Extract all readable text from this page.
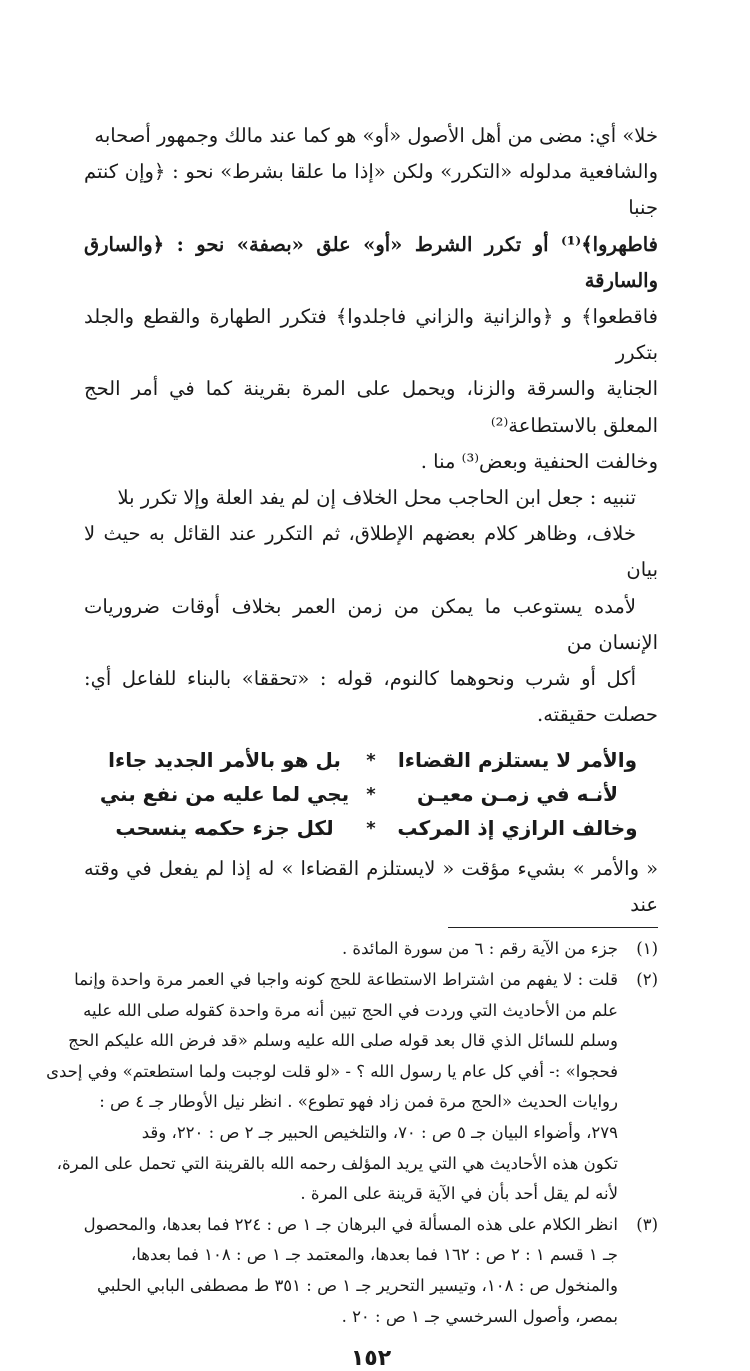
خلا» أي: مضى من أهل الأصول «أو» هو كما عند مالك وجمهور أصحابه
والشافعية مدلوله «التكرر» ولكن «إذا ما علقا بشرط» نحو : ﴿وإن كنتم جنبا
فاطهروا﴾⁽¹⁾ أو تكرر الشرط «أو» علق «بصفة» نحو : ﴿والسارق والسارقة
فاقطعوا﴾ و ﴿والزانية والزاني فاجلدوا﴾ فتكرر الطهارة والقطع والجلد بتكرر
الجناية والسرقة والزنا، ويحمل على المرة بقرينة كما في أمر الحج المعلق بالاستطاعة⁽²⁾
وخالفت الحنفية وبعض⁽³⁾ منا .

تنبيه : جعل ابن الحاجب محل الخلاف إن لم يفد العلة وإلا تكرر بلا
خلاف، وظاهر كلام بعضهم الإطلاق، ثم التكرر عند القائل به حيث لا بيان
لأمده يستوعب ما يمكن من زمن العمر بخلاف أوقات ضروريات الإنسان من
أكل أو شرب ونحوهما كالنوم، قوله : «تحققا» بالبناء للفاعل أي: حصلت حقيقته.

والأمر لا يستلزم القضاءا
*
بل هو بالأمر الجديد جاءا
لأنـه في زمـن معيـن
*
يجي لما عليه من نفع بني
وخالف الرازي إذ المركب
*
لكل جزء حكمه ينسحب

« والأمر » بشيء مؤقت « لايستلزم القضاءا » له إذا لم يفعل في وقته عند

(١)
جزء من الآية رقم : ٦ من سورة المائدة .
(٢)
قلت : لا يفهم من اشتراط الاستطاعة للحج كونه واجبا في العمر مرة واحدة وإنما
علم من الأحاديث التي وردت في الحج تبين أنه مرة واحدة كقوله صلى الله عليه
وسلم للسائل الذي قال بعد قوله صلى الله عليه وسلم «قد فرض الله عليكم الحج
فحجوا» :- أفي كل عام يا رسول الله ؟ - «لو قلت لوجبت ولما استطعتم» وفي إحدى
روايات الحديث «الحج مرة فمن زاد فهو تطوع» . انظر نيل الأوطار جـ ٤ ص :
٢٧٩، وأضواء البيان جـ ٥ ص : ٧٠، والتلخيص الحبير جـ ٢ ص : ٢٢٠، وقد
تكون هذه الأحاديث هي التي يريد المؤلف رحمه الله بالقرينة التي تحمل على المرة،
لأنه لم يقل أحد بأن في الآية قرينة على المرة .
(٣)
انظر الكلام على هذه المسألة في البرهان جـ ١ ص : ٢٢٤ فما بعدها، والمحصول
جـ ١ قسم ١ : ٢ ص : ١٦٢ فما بعدها، والمعتمد جـ ١ ص : ١٠٨ فما بعدها،
والمنخول ص : ١٠٨، وتيسير التحرير جـ ١ ص : ٣٥١ ط مصطفى البابي الحلبي
بمصر، وأصول السرخسي جـ ١ ص : ٢٠ .
١٥٢
